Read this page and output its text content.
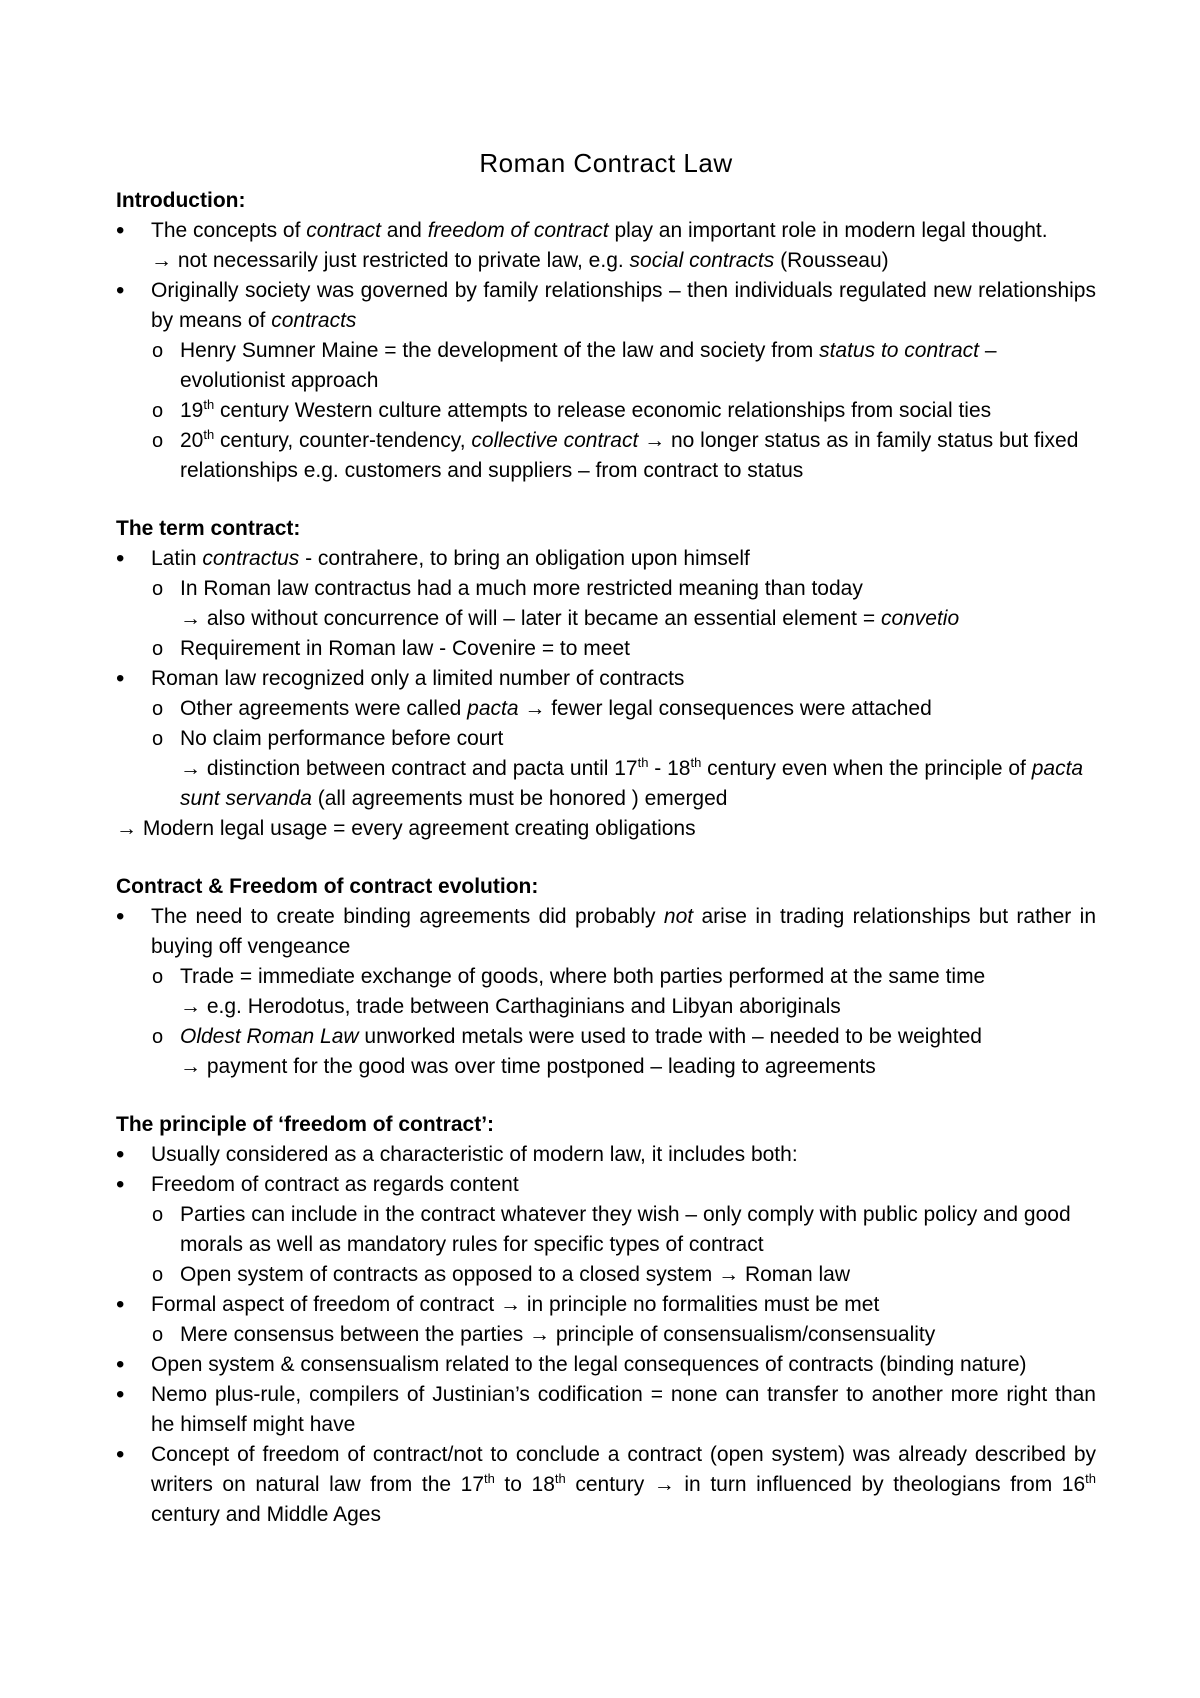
Roman Contract Law
Introduction:
• The concepts of contract and freedom of contract play an important role in modern legal thought.
→ not necessarily just restricted to private law, e.g. social contracts (Rousseau)
• Originally society was governed by family relationships – then individuals regulated new relationships by means of contracts
o Henry Sumner Maine = the development of the law and society from status to contract – evolutionist approach
o 19th century Western culture attempts to release economic relationships from social ties
o 20th century, counter-tendency, collective contract → no longer status as in family status but fixed relationships e.g. customers and suppliers – from contract to status
The term contract:
• Latin contractus - contrahere, to bring an obligation upon himself
o In Roman law contractus had a much more restricted meaning than today
→ also without concurrence of will – later it became an essential element = convetio
o Requirement in Roman law - Covenire = to meet
• Roman law recognized only a limited number of contracts
o Other agreements were called pacta → fewer legal consequences were attached
o No claim performance before court
→ distinction between contract and pacta until 17th - 18th century even when the principle of pacta sunt servanda (all agreements must be honored ) emerged
→ Modern legal usage = every agreement creating obligations
Contract & Freedom of contract evolution:
• The need to create binding agreements did probably not arise in trading relationships but rather in buying off vengeance
o Trade = immediate exchange of goods, where both parties performed at the same time
→ e.g. Herodotus, trade between Carthaginians and Libyan aboriginals
o Oldest Roman Law unworked metals were used to trade with – needed to be weighted
→ payment for the good was over time postponed – leading to agreements
The principle of ‘freedom of contract’:
• Usually considered as a characteristic of modern law, it includes both:
• Freedom of contract as regards content
o Parties can include in the contract whatever they wish – only comply with public policy and good morals as well as mandatory rules for specific types of contract
o Open system of contracts as opposed to a closed system → Roman law
• Formal aspect of freedom of contract → in principle no formalities must be met
o Mere consensus between the parties → principle of consensualism/consensuality
• Open system & consensualism related to the legal consequences of contracts (binding nature)
• Nemo plus-rule, compilers of Justinian’s codification = none can transfer to another more right than he himself might have
• Concept of freedom of contract/not to conclude a contract (open system) was already described by writers on natural law from the 17th to 18th century → in turn influenced by theologians from 16th century and Middle Ages
